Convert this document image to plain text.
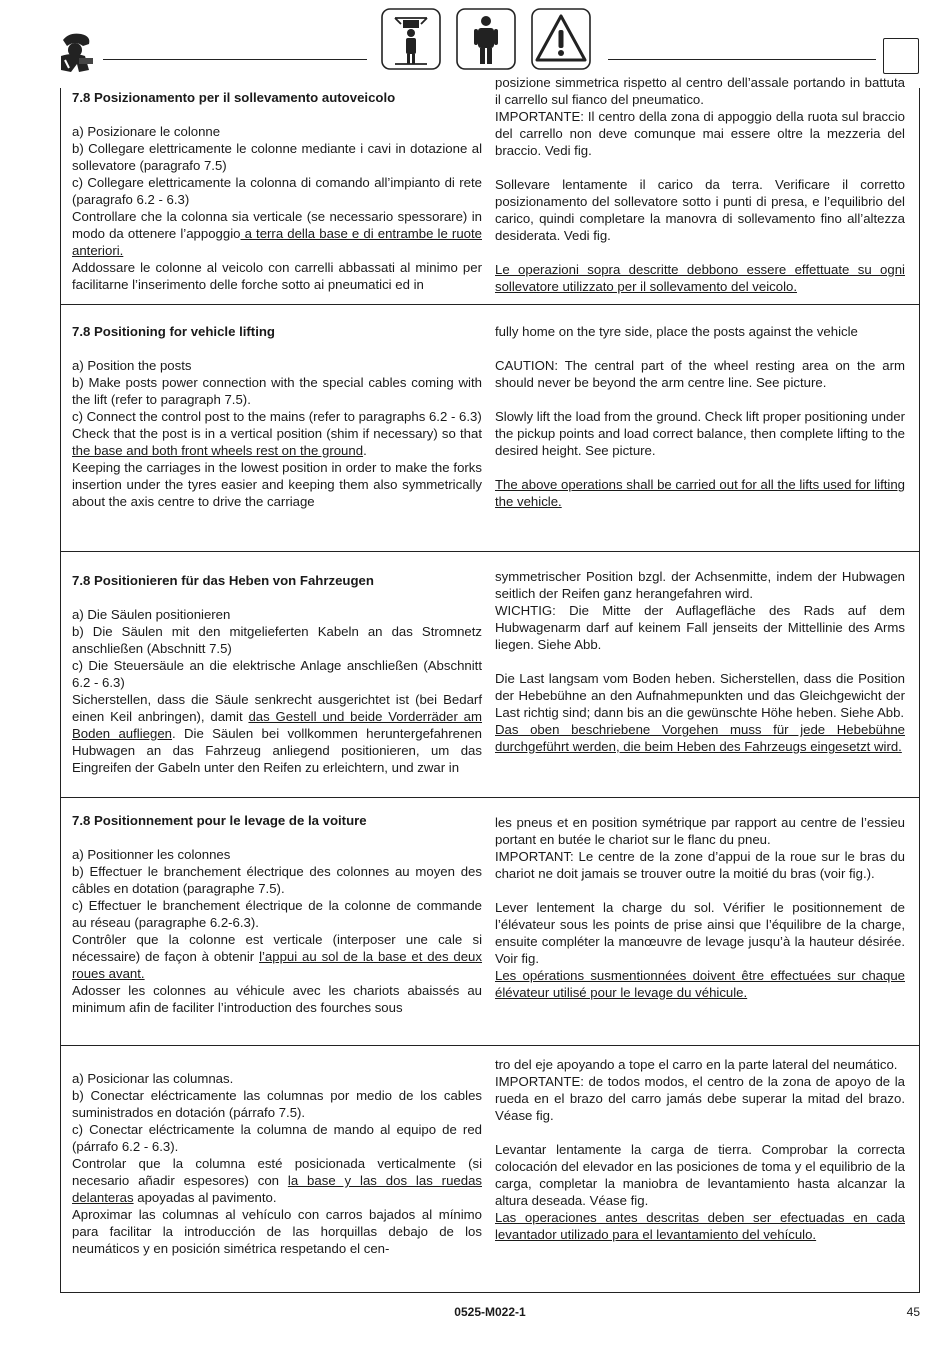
7.8 Posizionamento per il sollevamento autoveicolo

a) Posizionare le colonne

b) Collegare elettricamente le colonne mediante i cavi in dotazione al sollevatore (paragrafo 7.5)

c) Collegare elettricamente la colonna di comando all’impianto di rete (paragrafo 6.2 - 6.3)

Controllare che la colonna sia verticale (se necessario spessorare) in modo da ottenere l’appoggio a terra della base e di entrambe le ruote anteriori.

Addossare le colonne al veicolo con carrelli abbassati al minimo per facilitarne l’inserimento delle forche sotto ai pneumatici ed in

posizione simmetrica rispetto al centro dell’assale portando in battuta il carrello sul fianco del pneumatico.

IMPORTANTE: Il centro della zona di appoggio della ruota sul braccio del carrello non deve comunque mai essere oltre la mezzeria del braccio. Vedi fig.

Sollevare lentamente il carico da terra. Verificare il corretto posizionamento del sollevatore sotto i punti di presa, e l’equilibrio del carico, quindi completare la manovra di sollevamento fino all’altezza desiderata. Vedi fig.

Le operazioni sopra descritte debbono essere effettuate su ogni sollevatore utilizzato per il sollevamento del veicolo.

7.8 Positioning for vehicle lifting

a) Position the posts

b) Make posts power connection with the special cables coming with the lift (refer to paragraph 7.5).

c) Connect the control post to the mains (refer to paragraphs 6.2 - 6.3)

Check that the post is in a vertical position (shim if necessary) so that the base and both front wheels rest on the ground.

Keeping the carriages in the lowest position in order to make the forks insertion under the tyres easier and keeping them also symmetrically about the axis centre to drive the carriage

fully home on the tyre side, place the posts against the vehicle

CAUTION: The central part of the wheel resting area on the arm should never be beyond the arm centre line. See picture.

Slowly lift the load from the ground. Check lift proper positioning under the pickup points and load correct balance, then complete lifting to the desired height. See picture.

The above operations shall be carried out for all the lifts used for lifting the vehicle.

7.8 Positionieren für das Heben von Fahrzeugen

a) Die Säulen positionieren

b) Die Säulen mit den mitgelieferten Kabeln an das Stromnetz anschließen (Abschnitt 7.5)

c) Die Steuersäule an die elektrische Anlage anschließen (Abschnitt 6.2 - 6.3)

Sicherstellen, dass die Säule senkrecht ausgerichtet ist (bei Bedarf einen Keil anbringen), damit das Gestell und beide Vorderräder am Boden aufliegen. Die Säulen bei vollkommen heruntergefahrenen Hubwagen an das Fahrzeug anliegend positionieren, um das Eingreifen der Gabeln unter den Reifen zu erleichtern, und zwar in

symmetrischer Position bzgl. der Achsenmitte, indem der Hubwagen seitlich der Reifen ganz herangefahren wird.

WICHTIG: Die Mitte der Auflagefläche des Rads auf dem Hubwagenarm darf auf keinem Fall jenseits der Mittellinie des Arms liegen. Siehe Abb.

Die Last langsam vom Boden heben. Sicherstellen, dass die Position der Hebebühne an den Aufnahmepunkten und das Gleichgewicht der Last richtig sind; dann bis an die gewünschte Höhe heben. Siehe Abb.

Das oben beschriebene Vorgehen muss für jede Hebebühne durchgeführt werden, die beim Heben des Fahrzeugs eingesetzt wird.

7.8 Positionnement pour le levage de la voiture

a) Positionner les colonnes

b) Effectuer le branchement électrique des colonnes au moyen des câbles en dotation (paragraphe 7.5).

c) Effectuer le branchement électrique de la colonne de commande au réseau (paragraphe 6.2-6.3).

Contrôler que la colonne est verticale (interposer une cale si nécessaire) de façon à obtenir l’appui au sol de la base et des deux roues avant.

Adosser les colonnes au véhicule avec les chariots abaissés au minimum afin de faciliter l’introduction des fourches sous

les pneus et en position symétrique par rapport au centre de l’essieu portant en butée le chariot sur le flanc du pneu.

IMPORTANT: Le centre de la zone d’appui de la roue sur le bras du chariot ne doit jamais se trouver outre la moitié du bras (voir fig.).

Lever lentement la charge du sol. Vérifier le positionnement de l’élévateur sous les points de prise ainsi que l’équilibre de la charge, ensuite compléter la manœuvre de levage jusqu’à la hauteur désirée. Voir fig.

Les opérations susmentionnées doivent être effectuées sur chaque élévateur utilisé pour le levage du véhicule.

a) Posicionar las columnas.

b) Conectar eléctricamente las columnas por medio de los cables suministrados en dotación (párrafo 7.5).

c) Conectar eléctricamente la columna de mando al equipo de red (párrafo 6.2 - 6.3).

Controlar que la columna esté posicionada verticalmente (si necesario añadir espesores) con la base y las dos las ruedas delanteras apoyadas al pavimento.

Aproximar las columnas al vehículo con carros bajados al mínimo para facilitar la introducción de las horquillas debajo de los neumáticos y en posición simétrica respetando el cen-

tro del eje apoyando a tope el carro en la parte lateral del neumático.

IMPORTANTE: de todos modos, el centro de la zona de apoyo de la rueda en el brazo del carro jamás debe superar la mitad del brazo. Véase fig.

Levantar lentamente la carga de tierra. Comprobar la correcta colocación del elevador en las posiciones de toma y el equilibrio de la carga, completar la maniobra de levantamiento hasta alcanzar la altura deseada. Véase fig.

Las operaciones antes descritas deben ser efectuadas en cada levantador utilizado para el levantamiento del vehículo.

0525-M022-1	45
